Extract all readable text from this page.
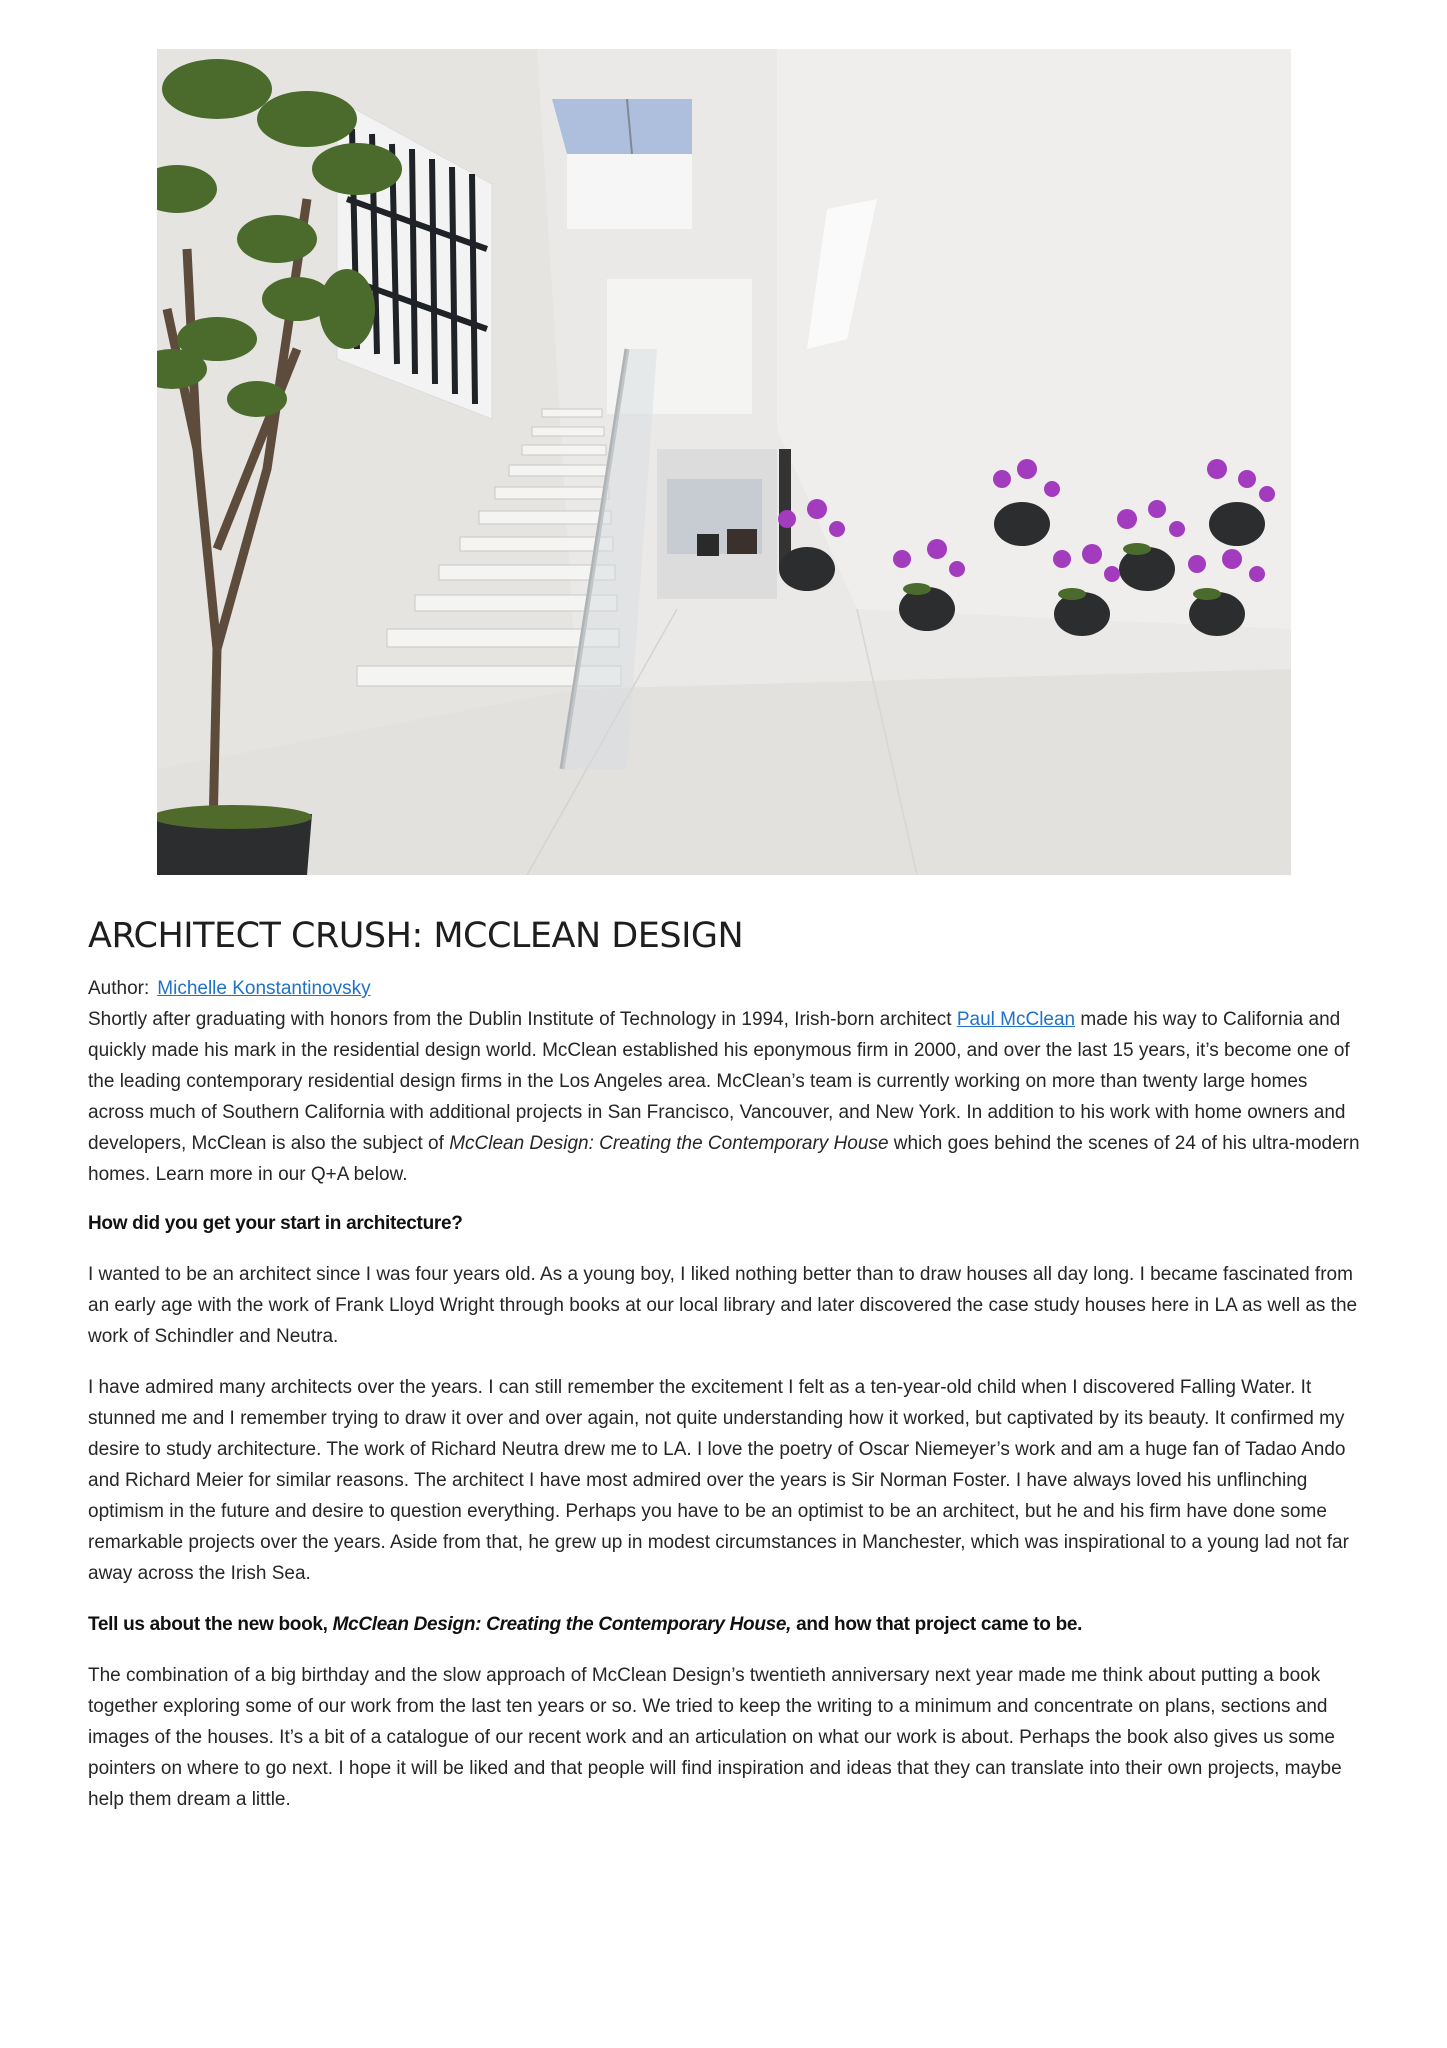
ARCHITECT CRUSH: MCCLEAN DESIGN

Author: Michelle Konstantinovsky

Shortly after graduating with honors from the Dublin Institute of Technology in 1994, Irish-born architect Paul McClean made his way to California and quickly made his mark in the residential design world. McClean established his eponymous firm in 2000, and over the last 15 years, it’s become one of the leading contemporary residential design firms in the Los Angeles area. McClean’s team is currently working on more than twenty large homes across much of Southern California with additional projects in San Francisco, Vancouver, and New York. In addition to his work with home owners and developers, McClean is also the subject of McClean Design: Creating the Contemporary House which goes behind the scenes of 24 of his ultra-modern homes. Learn more in our Q+A below.

How did you get your start in architecture?

I wanted to be an architect since I was four years old. As a young boy, I liked nothing better than to draw houses all day long. I became fascinated from an early age with the work of Frank Lloyd Wright through books at our local library and later discovered the case study houses here in LA as well as the work of Schindler and Neutra.

I have admired many architects over the years. I can still remember the excitement I felt as a ten-year-old child when I discovered Falling Water. It stunned me and I remember trying to draw it over and over again, not quite understanding how it worked, but captivated by its beauty. It confirmed my desire to study architecture. The work of Richard Neutra drew me to LA. I love the poetry of Oscar Niemeyer’s work and am a huge fan of Tadao Ando and Richard Meier for similar reasons. The architect I have most admired over the years is Sir Norman Foster. I have always loved his unflinching optimism in the future and desire to question everything. Perhaps you have to be an optimist to be an architect, but he and his firm have done some remarkable projects over the years. Aside from that, he grew up in modest circumstances in Manchester, which was inspirational to a young lad not far away across the Irish Sea.

Tell us about the new book, McClean Design: Creating the Contemporary House, and how that project came to be.

The combination of a big birthday and the slow approach of McClean Design’s twentieth anniversary next year made me think about putting a book together exploring some of our work from the last ten years or so. We tried to keep the writing to a minimum and concentrate on plans, sections and images of the houses. It’s a bit of a catalogue of our recent work and an articulation on what our work is about. Perhaps the book also gives us some pointers on where to go next. I hope it will be liked and that people will find inspiration and ideas that they can translate into their own projects, maybe help them dream a little.
